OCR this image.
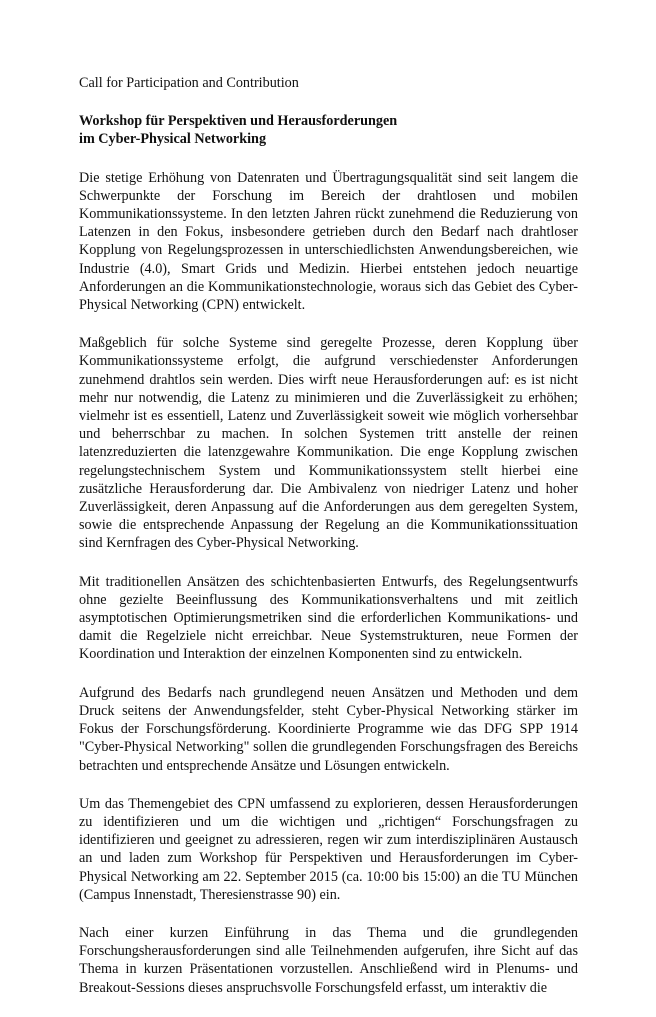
Call for Participation and Contribution

Workshop für Perspektiven und Herausforderungen
im Cyber-Physical Networking

Die stetige Erhöhung von Datenraten und Übertragungsqualität sind seit langem die Schwerpunkte der Forschung im Bereich der drahtlosen und mobilen Kommunikationssysteme. In den letzten Jahren rückt zunehmend die Reduzierung von Latenzen in den Fokus, insbesondere getrieben durch den Bedarf nach drahtloser Kopplung von Regelungsprozessen in unterschiedlichsten Anwendungsbereichen, wie Industrie (4.0), Smart Grids und Medizin. Hierbei entstehen jedoch neuartige Anforderungen an die Kommunikationstechnologie, woraus sich das Gebiet des Cyber-Physical Networking (CPN) entwickelt.

Maßgeblich für solche Systeme sind geregelte Prozesse, deren Kopplung über Kommunikationssysteme erfolgt, die aufgrund verschiedenster Anforderungen zunehmend drahtlos sein werden. Dies wirft neue Herausforderungen auf: es ist nicht mehr nur notwendig, die Latenz zu minimieren und die Zuverlässigkeit zu erhöhen; vielmehr ist es essentiell, Latenz und Zuverlässigkeit soweit wie möglich vorhersehbar und beherrschbar zu machen. In solchen Systemen tritt anstelle der reinen latenzreduzierten die latenzgewahre Kommunikation. Die enge Kopplung zwischen regelungstechnischem System und Kommunikationssystem stellt hierbei eine zusätzliche Herausforderung dar. Die Ambivalenz von niedriger Latenz und hoher Zuverlässigkeit, deren Anpassung auf die Anforderungen aus dem geregelten System, sowie die entsprechende Anpassung der Regelung an die Kommunikationssituation sind Kernfragen des Cyber-Physical Networking.

Mit traditionellen Ansätzen des schichtenbasierten Entwurfs, des Regelungsentwurfs ohne gezielte Beeinflussung des Kommunikationsverhaltens und mit zeitlich asymptotischen Optimierungsmetriken sind die erforderlichen Kommunikations- und damit die Regelziele nicht erreichbar. Neue Systemstrukturen, neue Formen der Koordination und Interaktion der einzelnen Komponenten sind zu entwickeln.

Aufgrund des Bedarfs nach grundlegend neuen Ansätzen und Methoden und dem Druck seitens der Anwendungsfelder, steht Cyber-Physical Networking stärker im Fokus der Forschungsförderung. Koordinierte Programme wie das DFG SPP 1914 "Cyber-Physical Networking" sollen die grundlegenden Forschungsfragen des Bereichs betrachten und entsprechende Ansätze und Lösungen entwickeln.

Um das Themengebiet des CPN umfassend zu explorieren, dessen Herausforderungen zu identifizieren und um die wichtigen und „richtigen“ Forschungsfragen zu identifizieren und geeignet zu adressieren, regen wir zum interdisziplinären Austausch an und laden zum Workshop für Perspektiven und Herausforderungen im Cyber-Physical Networking am 22. September 2015 (ca. 10:00 bis 15:00) an die TU München (Campus Innenstadt, Theresienstrasse 90) ein.

Nach einer kurzen Einführung in das Thema und die grundlegenden Forschungsherausforderungen sind alle Teilnehmenden aufgerufen, ihre Sicht auf das Thema in kurzen Präsentationen vorzustellen. Anschließend wird in Plenums- und Breakout-Sessions dieses anspruchsvolle Forschungsfeld erfasst, um interaktiv die
